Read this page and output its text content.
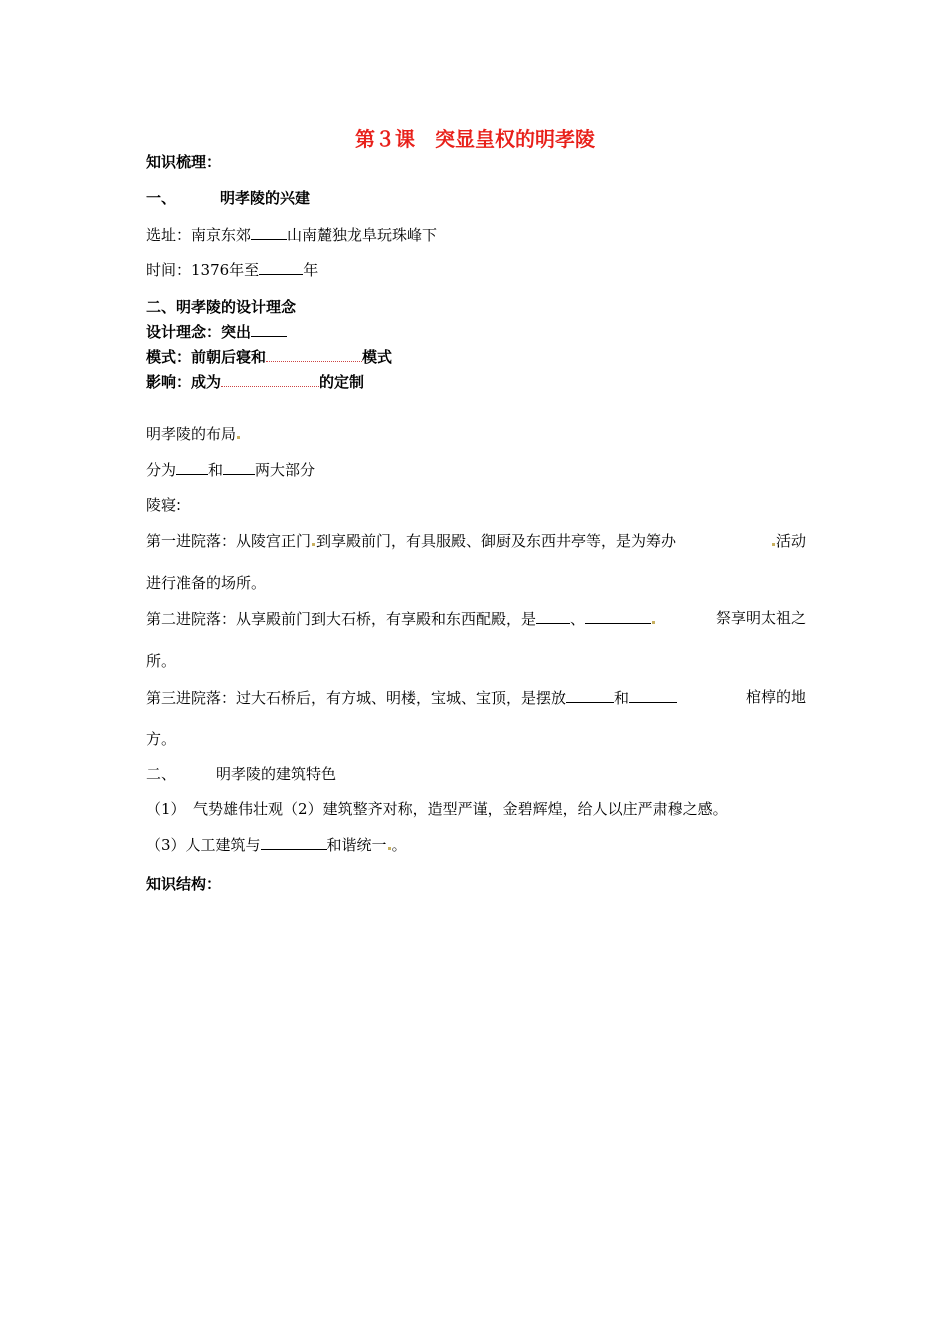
第３课　突显皇权的明孝陵
知识梳理：
一、	明孝陵的兴建
选址：南京东郊 山南麓独龙阜玩珠峰下
时间：1376年至	年
二、明孝陵的设计理念
设计理念：突出
模式：前朝后寝和	模式
影响：成为	的定制
明孝陵的布局
分为 和 两大部分
陵寝:
第一进院落：从陵宫正门 到享殿前门，有具服殿、御厨及东西井亭等，是为筹办	活动
进行准备的场所。
第二进院落：从享殿前门到大石桥，有享殿和东西配殿，是 、	祭享明太祖之
所。
第三进院落：过大石桥后，有方城、明楼，宝城、宝顶，是摆放	和	棺椁的地
方。
二、	明孝陵的建筑特色
（1）　气势雄伟壮观（2）建筑整齐对称，造型严谨，金碧辉煌，给人以庄严肃穆之感。
（3）人工建筑与	和谐统一 。
知识结构：
